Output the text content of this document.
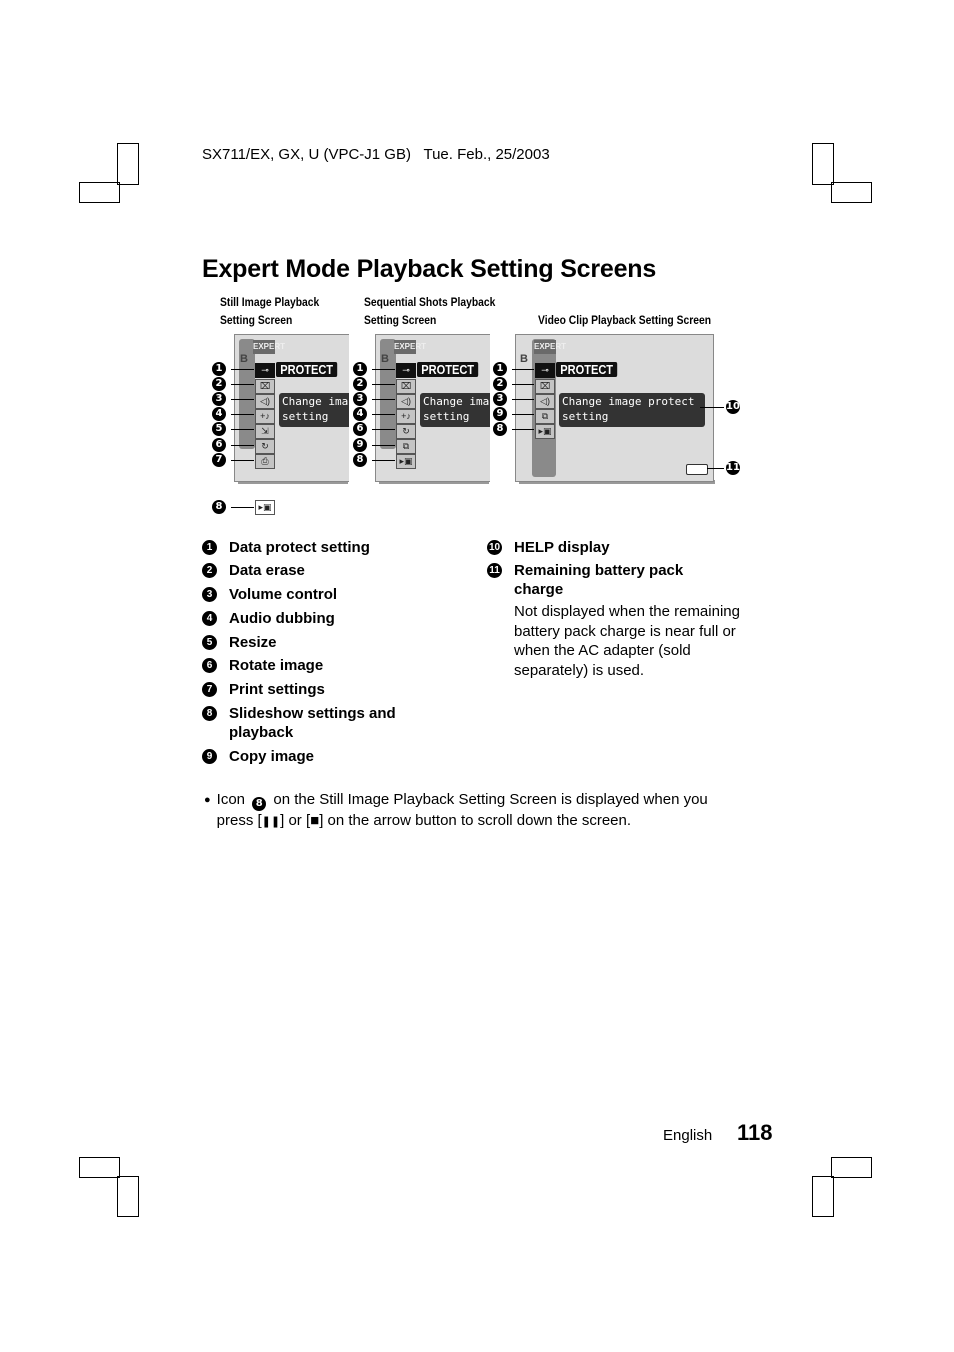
SX711/EX, GX, U (VPC-J1 GB) Tue. Feb., 25/2003
Expert Mode Playback Setting Screens
Still Image Playback
Setting Screen
Sequential Shots Playback
Setting Screen	Video Clip Playback Setting Screen
B
EXPERT
⊸ PROTECT
⌧
◁)
+♪
⇲
↻
⎙
Change ima
setting
1
2
3
4
5
6
7
8	▸▣
B
EXPERT
⊸ PROTECT
⌧
◁)
+♪
↻
⧉
▸▣
Change ima
setting
1
2
3
4
6
9
8
B
EXPERT
⊸ PROTECT
⌧
◁)
⧉
▸▣
Change image protect
setting
1
2
3
9
8
10
11
1	Data protect setting
2	Data erase
3	Volume control
4	Audio dubbing
5	Resize
6	Rotate image
7	Print settings
8	Slideshow settings and playback
9	Copy image
10 HELP display
11 Remaining battery pack charge
Not displayed when the remaining battery pack charge is near full or when the AC adapter (sold separately) is used.
● Icon 8 on the Still Image Playback Setting Screen is displayed when you press [❚❚] or [■] on the arrow button to scroll down the screen.
English 118
